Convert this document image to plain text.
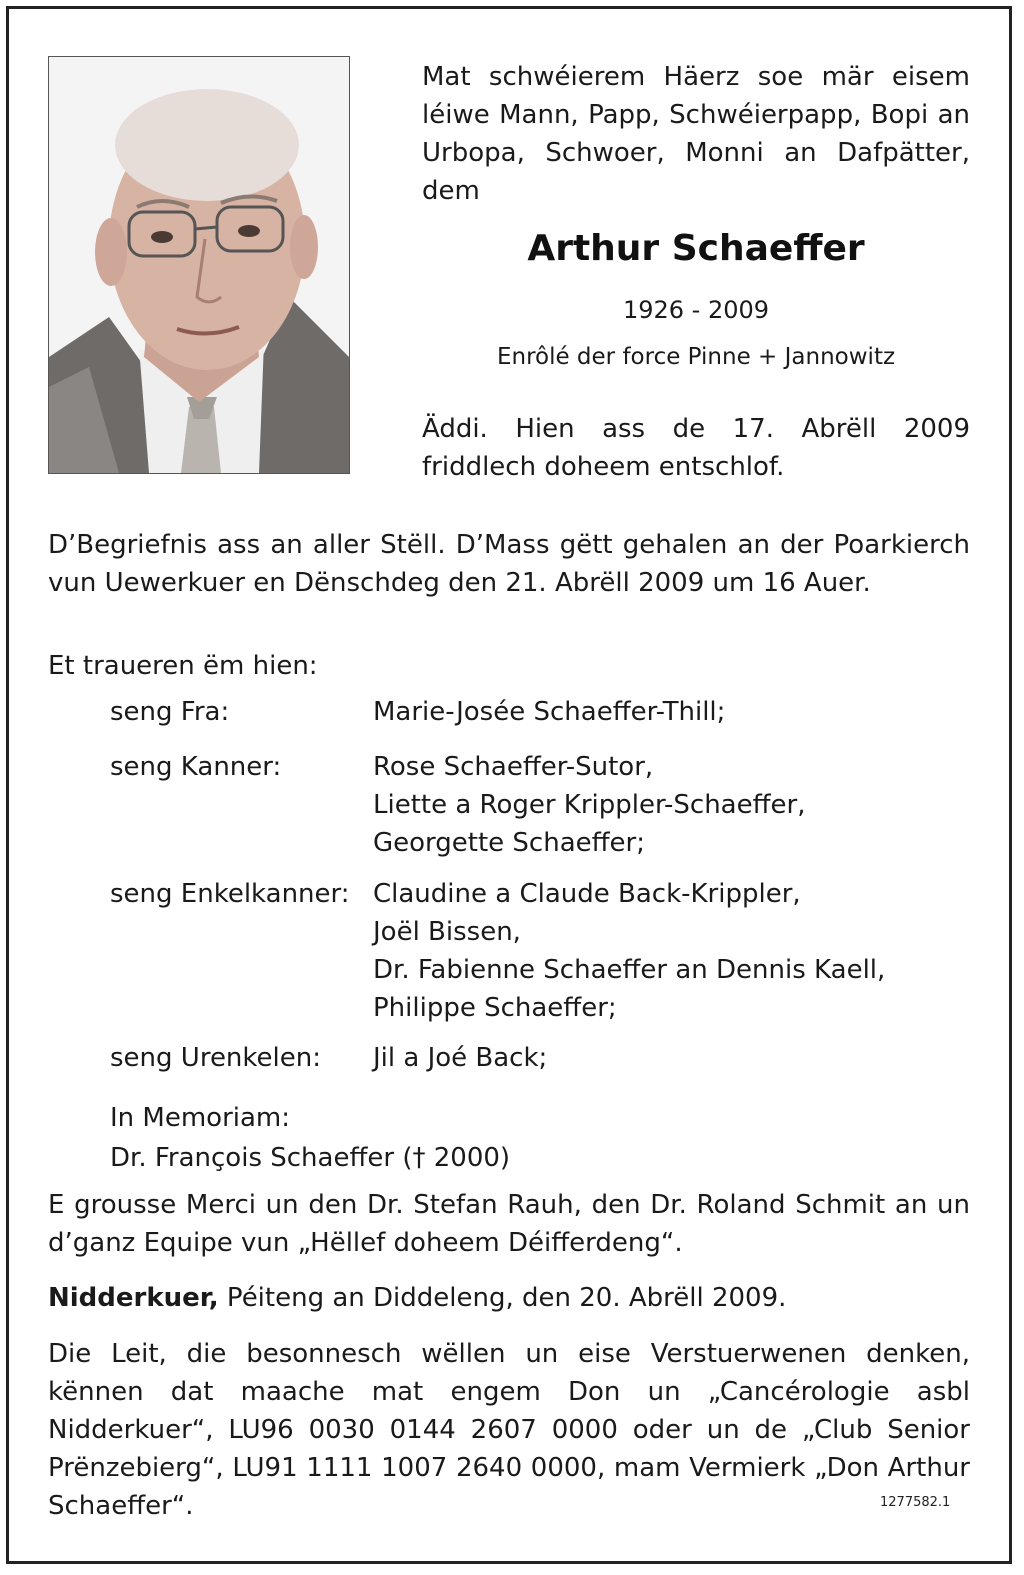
Mat schwéierem Häerz soe mär eisem léiwe Mann, Papp, Schwéierpapp, Bopi an Urbopa, Schwoer, Monni an Dafpätter, dem
Arthur Schaeffer
1926 - 2009
Enrôlé der force Pinne + Jannowitz
Äddi. Hien ass de 17. Abrëll 2009 friddlech doheem entschlof.
D’Begriefnis ass an aller Stëll. D’Mass gëtt gehalen an der Poarkierch vun Uewerkuer en Dënschdeg den 21. Abrëll 2009 um 16 Auer.
Et traueren ëm hien:
seng Fra:	Marie-Josée Schaeffer-Thill;
seng Kanner:	Rose Schaeffer-Sutor,
Liette a Roger Krippler-Schaeffer,
Georgette Schaeffer;
seng Enkelkanner: Claudine a Claude Back-Krippler,
Joël Bissen,
Dr. Fabienne Schaeffer an Dennis Kaell,
Philippe Schaeffer;
seng Urenkelen: Jil a Joé Back;
In Memoriam:
Dr. François Schaeffer († 2000)
E grousse Merci un den Dr. Stefan Rauh, den Dr. Roland Schmit an un d’ganz Equipe vun „Hëllef doheem Déifferdeng“.
Nidderkuer, Péiteng an Diddeleng, den 20. Abrëll 2009.
Die Leit, die besonnesch wëllen un eise Verstuerwenen denken, kënnen dat maache mat engem Don un „Cancérologie asbl Nidderkuer“, LU96 0030 0144 2607 0000 oder un de „Club Senior Prënzebierg“, LU91 1111 1007 2640 0000, mam Vermierk „Don Arthur Schaeffer“.	1277582.1
